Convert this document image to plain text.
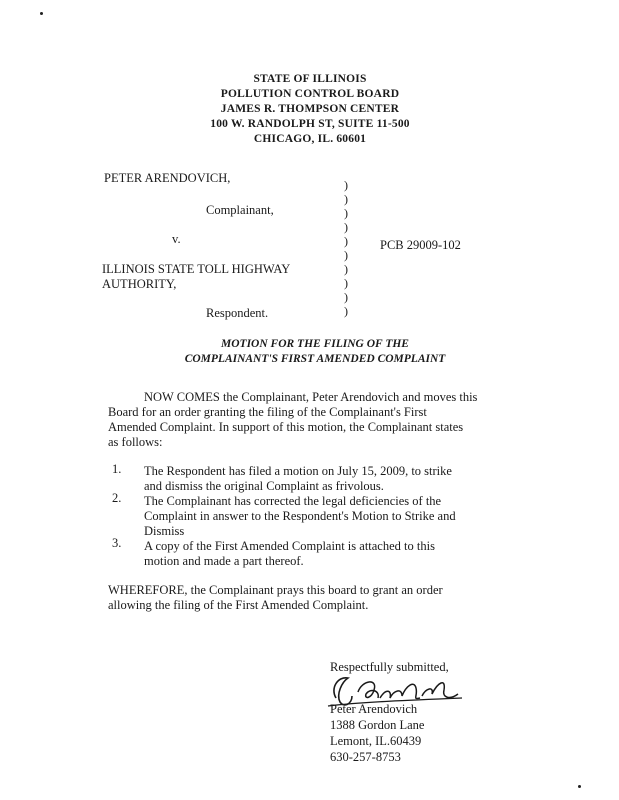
STATE OF ILLINOIS
POLLUTION CONTROL BOARD
JAMES R. THOMPSON CENTER
100 W. RANDOLPH ST, SUITE 11-500
CHICAGO, IL. 60601
PETER ARENDOVICH,
Complainant,
v.	PCB 29009-102
ILLINOIS STATE TOLL HIGHWAY
AUTHORITY,
Respondent.
)
)
)
)
)
)
)
)
)
)
MOTION FOR THE FILING OF THE
COMPLAINANT'S FIRST AMENDED COMPLAINT
NOW COMES the Complainant, Peter Arendovich and moves this
Board for an order granting the filing of the Complainant's First
Amended Complaint. In support of this motion, the Complainant states
as follows:
1. The Respondent has filed a motion on July 15, 2009, to strike
and dismiss the original Complaint as frivolous.
2. The Complainant has corrected the legal deficiencies of the
Complaint in answer to the Respondent's Motion to Strike and
Dismiss
3. A copy of the First Amended Complaint is attached to this
motion and made a part thereof.
WHEREFORE, the Complainant prays this board to grant an order
allowing the filing of the First Amended Complaint.
Respectfully submitted,
Peter Arendovich
1388 Gordon Lane
Lemont, IL.60439
630-257-8753
